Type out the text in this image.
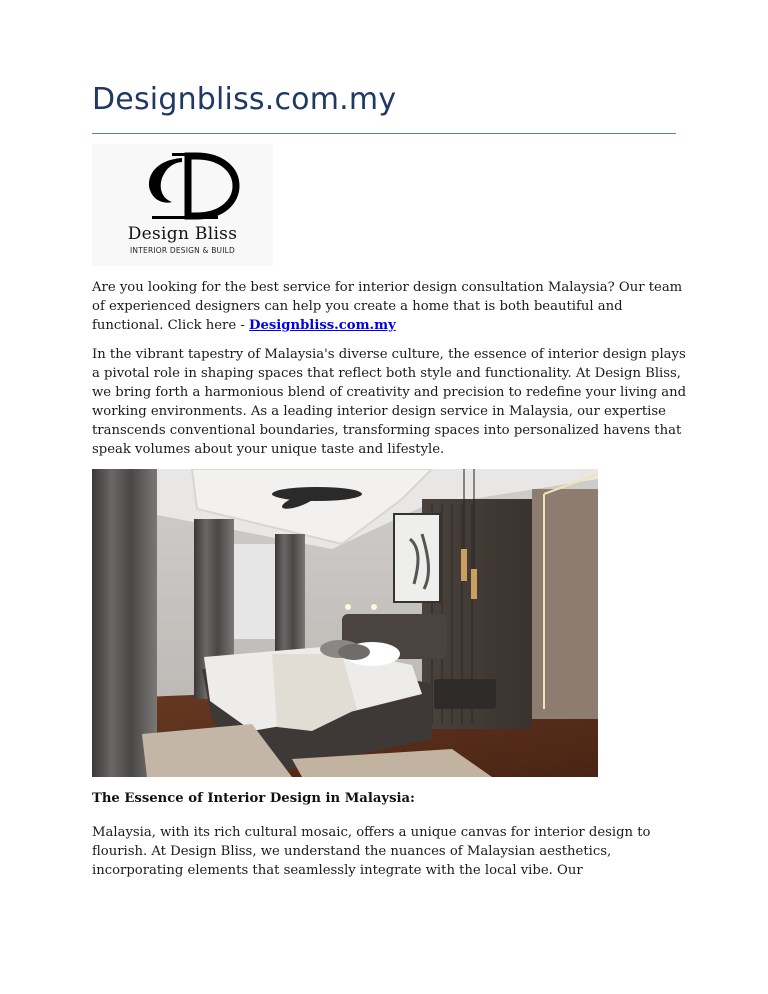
Designbliss.com.my
Design Bliss
INTERIOR DESIGN & BUILD

Are you looking for the best service for interior design consultation Malaysia? Our team of experienced designers can help you create a home that is both beautiful and functional. Click here - Designbliss.com.my

In the vibrant tapestry of Malaysia's diverse culture, the essence of interior design plays a pivotal role in shaping spaces that reflect both style and functionality. At Design Bliss, we bring forth a harmonious blend of creativity and precision to redefine your living and working environments. As a leading interior design service in Malaysia, our expertise transcends conventional boundaries, transforming spaces into personalized havens that speak volumes about your unique taste and lifestyle.

The Essence of Interior Design in Malaysia:

Malaysia, with its rich cultural mosaic, offers a unique canvas for interior design to flourish. At Design Bliss, we understand the nuances of Malaysian aesthetics, incorporating elements that seamlessly integrate with the local vibe. Our
